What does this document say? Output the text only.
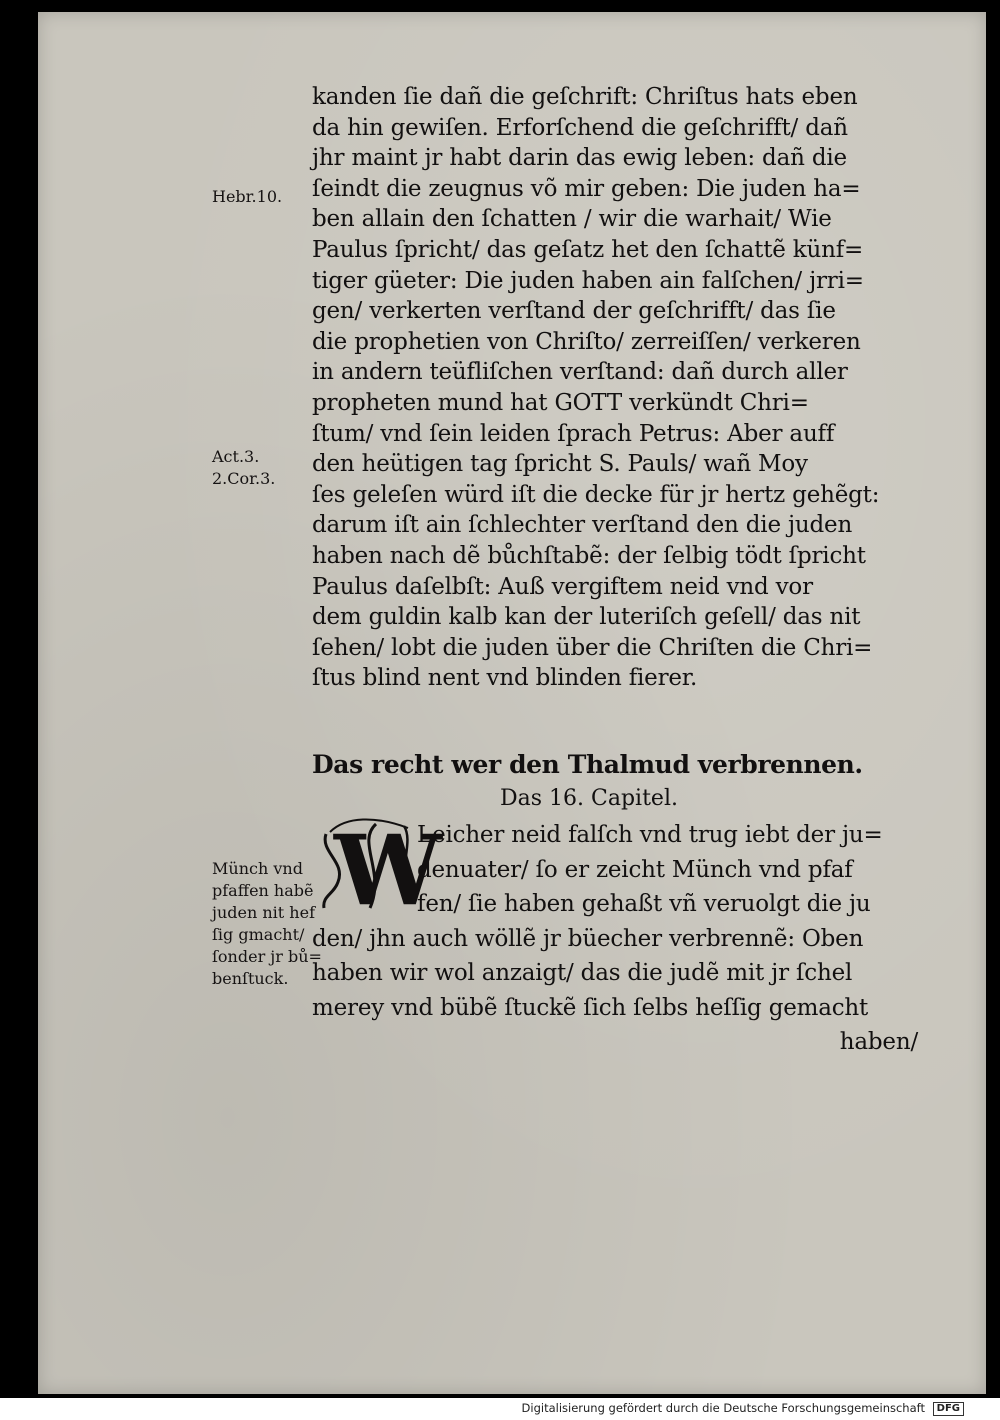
Hebr.10.
Act.3.
2.Cor.3.
Münch vnd
pfaffen habẽ
juden nit hef
ſig gmacht/
ſonder jr bů=
benſtuck.
kanden ſie dañ die geſchrift: Chriſtus hats eben
da hin gewiſen. Erforſchend die geſchrifft/ dañ
jhr maint jr habt darin das ewig leben: dañ die
ſeindt die zeugnus võ mir geben: Die juden ha=
ben allain den ſchatten / wir die warhait/ Wie
Paulus ſpricht/ das geſatz het den ſchattẽ künf=
tiger güeter: Die juden haben ain falſchen/ jrri=
gen/ verkerten verſtand der geſchrifft/ das ſie
die prophetien von Chriſto/ zerreiſſen/ verkeren
in andern teüfliſchen verſtand: dañ durch aller
propheten mund hat GOTT verkündt Chri=
ſtum/ vnd ſein leiden ſprach Petrus: Aber auff
den heütigen tag ſpricht S. Pauls/ wañ Moy
ſes geleſen würd iſt die decke für jr hertz gehẽgt:
darum iſt ain ſchlechter verſtand den die juden
haben nach dẽ bůchſtabẽ: der ſelbig tödt ſpricht
Paulus daſelbſt: Auß vergiftem neid vnd vor
dem guldin kalb kan der luteriſch geſell/ das nit
ſehen/ lobt die juden über die Chriſten die Chri=
ſtus blind nent vnd blinden fierer.
Das recht wer den Thalmud verbrennen.
Das 16. Capitel.
W
Leicher neid falſch vnd trug iebt der ju=
denuater/ ſo er zeicht Münch vnd pfaf
fen/ ſie haben gehaßt vñ veruolgt die ju
den/ jhn auch wöllẽ jr büecher verbrennẽ: Oben
haben wir wol anzaigt/ das die judẽ mit jr ſchel
merey vnd bübẽ ſtuckẽ ſich ſelbs heſſig gemacht
haben/
Digitalisierung gefördert durch die Deutsche Forschungsgemeinschaft DFG
